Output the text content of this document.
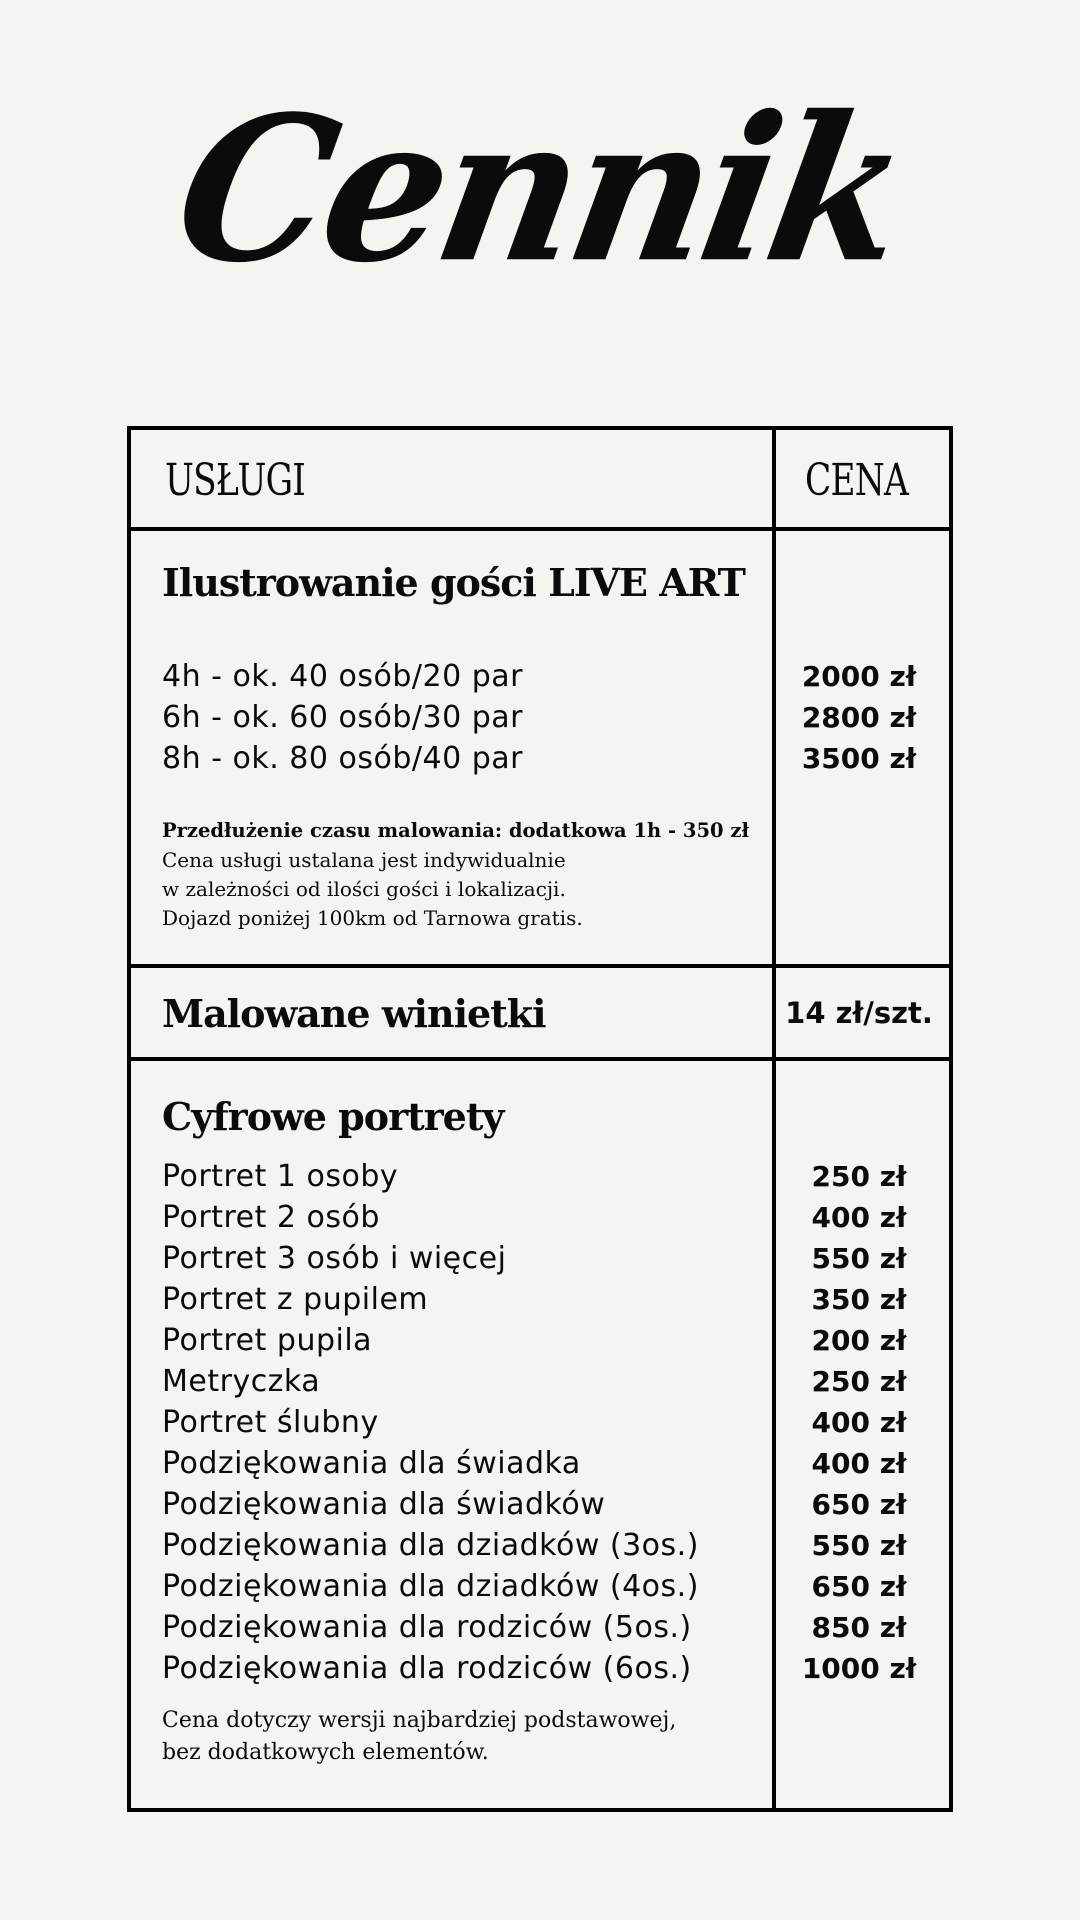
Cennik
USŁUGI	CENA
Ilustrowanie gości LIVE ART
4h - ok. 40 osób/20 par	2000 zł
6h - ok. 60 osób/30 par	2800 zł
8h - ok. 80 osób/40 par	3500 zł
Przedłużenie czasu malowania: dodatkowa 1h - 350 zł
Cena usługi ustalana jest indywidualnie
w zależności od ilości gości i lokalizacji.
Dojazd poniżej 100km od Tarnowa gratis.
Malowane winietki	14 zł/szt.
Cyfrowe portrety
Portret 1 osoby	250 zł
Portret 2 osób	400 zł
Portret 3 osób i więcej	550 zł
Portret z pupilem	350 zł
Portret pupila	200 zł
Metryczka	250 zł
Portret ślubny	400 zł
Podziękowania dla świadka	400 zł
Podziękowania dla świadków	650 zł
Podziękowania dla dziadków (3os.)	550 zł
Podziękowania dla dziadków (4os.)	650 zł
Podziękowania dla rodziców (5os.)	850 zł
Podziękowania dla rodziców (6os.)	1000 zł
Cena dotyczy wersji najbardziej podstawowej,
bez dodatkowych elementów.
